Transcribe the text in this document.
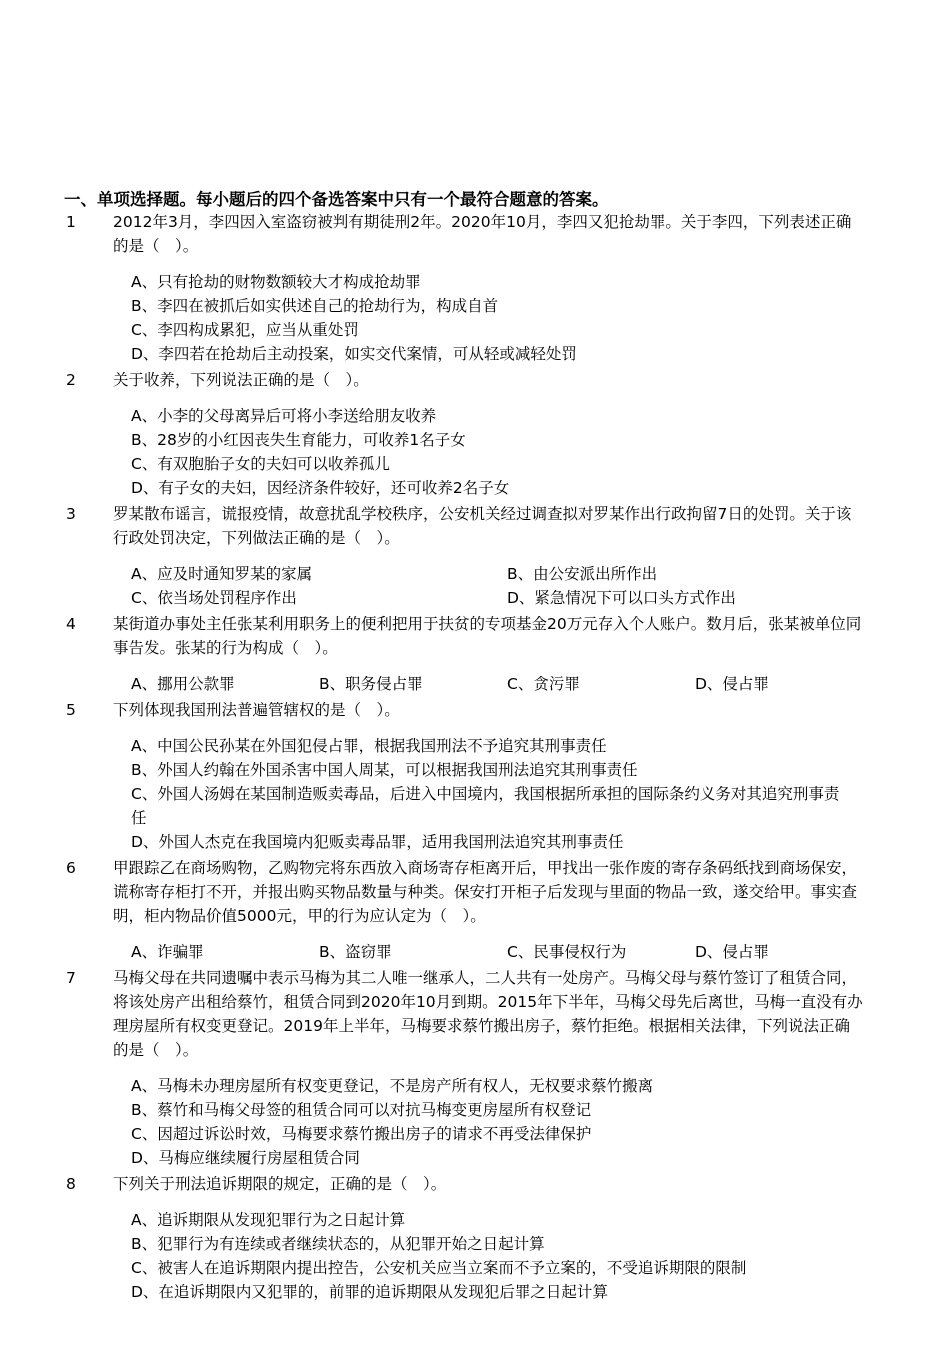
一、单项选择题。每小题后的四个备选答案中只有一个最符合题意的答案。
1 2012年3月，李四因入室盗窃被判有期徒刑2年。2020年10月，李四又犯抢劫罪。关于李四，下列表述正确的是（　）。
A、只有抢劫的财物数额较大才构成抢劫罪
B、李四在被抓后如实供述自己的抢劫行为，构成自首
C、李四构成累犯，应当从重处罚
D、李四若在抢劫后主动投案，如实交代案情，可从轻或减轻处罚
2 关于收养，下列说法正确的是（　）。
A、小李的父母离异后可将小李送给朋友收养
B、28岁的小红因丧失生育能力，可收养1名子女
C、有双胞胎子女的夫妇可以收养孤儿
D、有子女的夫妇，因经济条件较好，还可收养2名子女
3 罗某散布谣言，谎报疫情，故意扰乱学校秩序，公安机关经过调查拟对罗某作出行政拘留7日的处罚。关于该行政处罚决定，下列做法正确的是（　）。
A、应及时通知罗某的家属	B、由公安派出所作出
C、依当场处罚程序作出	D、紧急情况下可以口头方式作出
4 某街道办事处主任张某利用职务上的便利把用于扶贫的专项基金20万元存入个人账户。数月后，张某被单位同事告发。张某的行为构成（　）。
A、挪用公款罪	B、职务侵占罪	C、贪污罪	D、侵占罪
5 下列体现我国刑法普遍管辖权的是（　）。
A、中国公民孙某在外国犯侵占罪，根据我国刑法不予追究其刑事责任
B、外国人约翰在外国杀害中国人周某，可以根据我国刑法追究其刑事责任
C、外国人汤姆在某国制造贩卖毒品，后进入中国境内，我国根据所承担的国际条约义务对其追究刑事责任
D、外国人杰克在我国境内犯贩卖毒品罪，适用我国刑法追究其刑事责任
6 甲跟踪乙在商场购物，乙购物完将东西放入商场寄存柜离开后，甲找出一张作废的寄存条码纸找到商场保安，谎称寄存柜打不开，并报出购买物品数量与种类。保安打开柜子后发现与里面的物品一致，遂交给甲。事实查明，柜内物品价值5000元，甲的行为应认定为（　）。
A、诈骗罪	B、盗窃罪	C、民事侵权行为	D、侵占罪
7 马梅父母在共同遗嘱中表示马梅为其二人唯一继承人，二人共有一处房产。马梅父母与蔡竹签订了租赁合同，将该处房产出租给蔡竹，租赁合同到2020年10月到期。2015年下半年，马梅父母先后离世，马梅一直没有办理房屋所有权变更登记。2019年上半年，马梅要求蔡竹搬出房子，蔡竹拒绝。根据相关法律，下列说法正确的是（　）。
A、马梅未办理房屋所有权变更登记，不是房产所有权人，无权要求蔡竹搬离
B、蔡竹和马梅父母签的租赁合同可以对抗马梅变更房屋所有权登记
C、因超过诉讼时效，马梅要求蔡竹搬出房子的请求不再受法律保护
D、马梅应继续履行房屋租赁合同
8 下列关于刑法追诉期限的规定，正确的是（　）。
A、追诉期限从发现犯罪行为之日起计算
B、犯罪行为有连续或者继续状态的，从犯罪开始之日起计算
C、被害人在追诉期限内提出控告，公安机关应当立案而不予立案的，不受追诉期限的限制
D、在追诉期限内又犯罪的，前罪的追诉期限从发现犯后罪之日起计算
